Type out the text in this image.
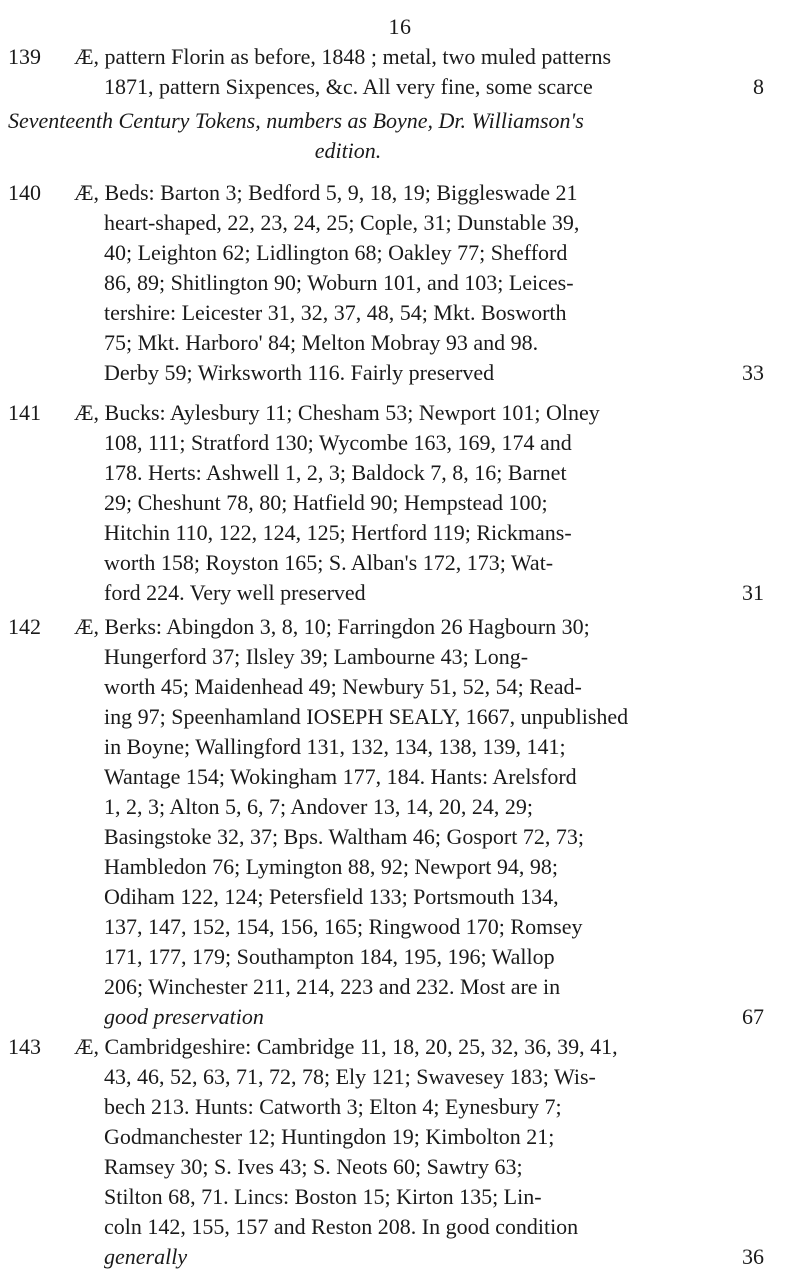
16
139 Æ, pattern Florin as before, 1848 ; metal, two muled patterns
1871, pattern Sixpences, &c. All very fine, some scarce	8
Seventeenth Century Tokens, numbers as Boyne, Dr. Williamson's
edition.
140 Æ, Beds: Barton 3; Bedford 5, 9, 18, 19; Biggleswade 21
heart-shaped, 22, 23, 24, 25; Cople, 31; Dunstable 39,
40; Leighton 62; Lidlington 68; Oakley 77; Shefford
86, 89; Shitlington 90; Woburn 101, and 103; Leices-
tershire: Leicester 31, 32, 37, 48, 54; Mkt. Bosworth
75; Mkt. Harboro' 84; Melton Mobray 93 and 98.
Derby 59; Wirksworth 116. Fairly preserved	33
141 Æ, Bucks: Aylesbury 11; Chesham 53; Newport 101; Olney
108, 111; Stratford 130; Wycombe 163, 169, 174 and
178. Herts: Ashwell 1, 2, 3; Baldock 7, 8, 16; Barnet
29; Cheshunt 78, 80; Hatfield 90; Hempstead 100;
Hitchin 110, 122, 124, 125; Hertford 119; Rickmans-
worth 158; Royston 165; S. Alban's 172, 173; Wat-
ford 224. Very well preserved	31
142 Æ, Berks: Abingdon 3, 8, 10; Farringdon 26 Hagbourn 30;
Hungerford 37; Ilsley 39; Lambourne 43; Long-
worth 45; Maidenhead 49; Newbury 51, 52, 54; Read-
ing 97; Speenhamland IOSEPH SEALY, 1667, unpublished
in Boyne; Wallingford 131, 132, 134, 138, 139, 141;
Wantage 154; Wokingham 177, 184. Hants: Arelsford
1, 2, 3; Alton 5, 6, 7; Andover 13, 14, 20, 24, 29;
Basingstoke 32, 37; Bps. Waltham 46; Gosport 72, 73;
Hambledon 76; Lymington 88, 92; Newport 94, 98;
Odiham 122, 124; Petersfield 133; Portsmouth 134,
137, 147, 152, 154, 156, 165; Ringwood 170; Romsey
171, 177, 179; Southampton 184, 195, 196; Wallop
206; Winchester 211, 214, 223 and 232. Most are in
good preservation	67
143 Æ, Cambridgeshire: Cambridge 11, 18, 20, 25, 32, 36, 39, 41,
43, 46, 52, 63, 71, 72, 78; Ely 121; Swavesey 183; Wis-
bech 213. Hunts: Catworth 3; Elton 4; Eynesbury 7;
Godmanchester 12; Huntingdon 19; Kimbolton 21;
Ramsey 30; S. Ives 43; S. Neots 60; Sawtry 63;
Stilton 68, 71. Lincs: Boston 15; Kirton 135; Lin-
coln 142, 155, 157 and Reston 208. In good condition
generally	36
